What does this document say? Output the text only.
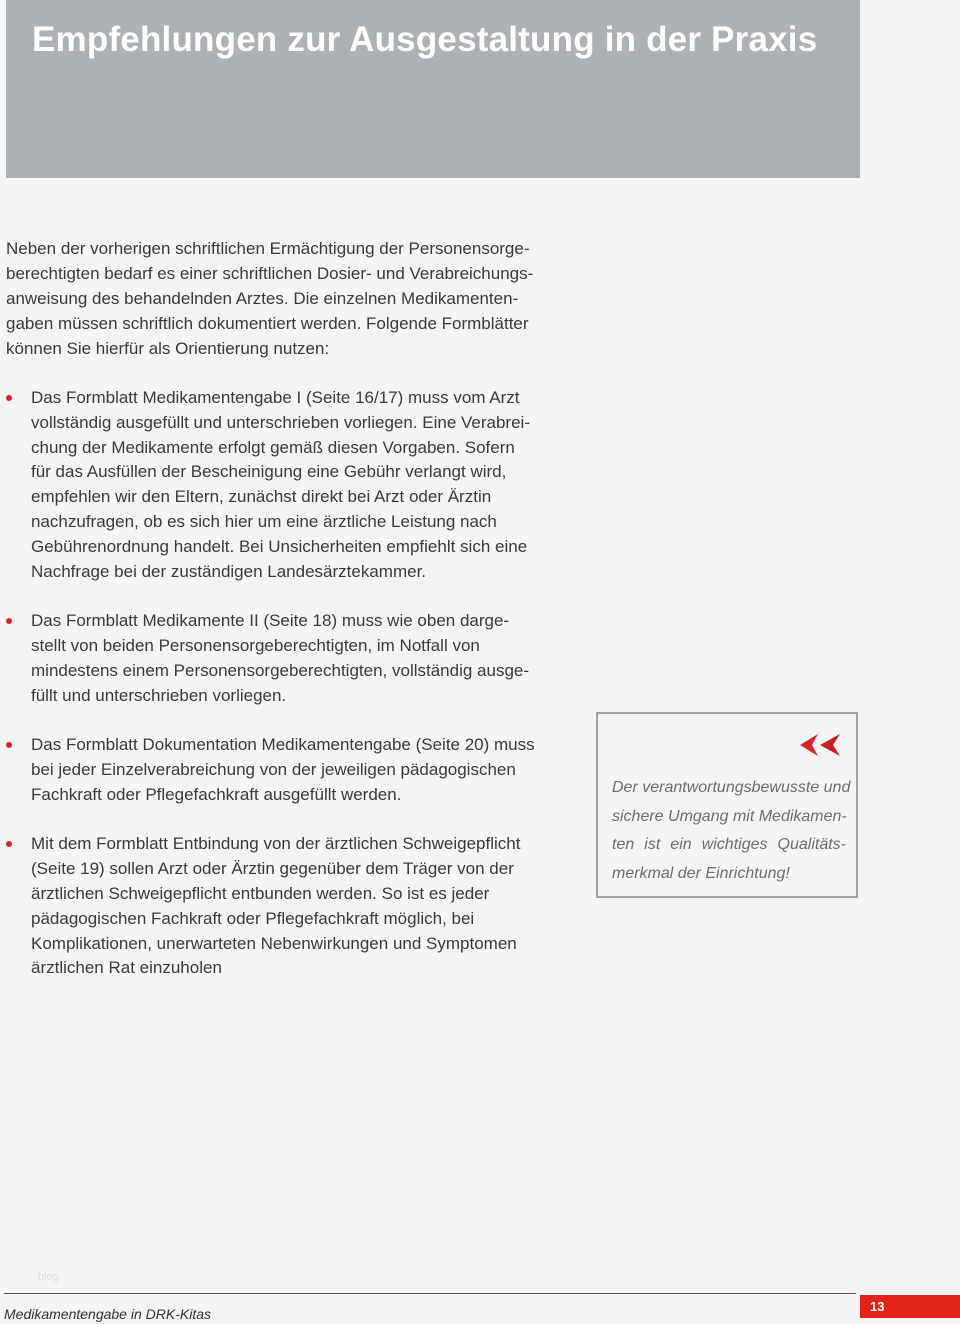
Empfehlungen zur Ausgestaltung in der Praxis
Neben der vorherigen schriftlichen Ermächtigung der Personensorge-
berechtigten bedarf es einer schriftlichen Dosier- und Verabreichungs-
anweisung des behandelnden Arztes. Die einzelnen Medikamenten-
gaben müssen schriftlich dokumentiert werden. Folgende Formblätter
können Sie hierfür als Orientierung nutzen:
Das Formblatt Medikamentengabe I (Seite 16/17) muss vom Arzt
vollständig ausgefüllt und unterschrieben vorliegen. Eine Verabrei-
chung der Medikamente erfolgt gemäß diesen Vorgaben. Sofern
für das Ausfüllen der Bescheinigung eine Gebühr verlangt wird,
empfehlen wir den Eltern, zunächst direkt bei Arzt oder Ärztin
nachzufragen, ob es sich hier um eine ärztliche Leistung nach
Gebührenordnung handelt. Bei Unsicherheiten empfiehlt sich eine
Nachfrage bei der zuständigen Landesärztekammer.
Das Formblatt Medikamente II (Seite 18) muss wie oben darge-
stellt von beiden Personensorgeberechtigten, im Notfall von
mindestens einem Personensorgeberechtigten, vollständig ausge-
füllt und unterschrieben vorliegen.
Das Formblatt Dokumentation Medikamentengabe (Seite 20) muss
bei jeder Einzelverabreichung von der jeweiligen pädagogischen
Fachkraft oder Pflegefachkraft ausgefüllt werden.
Mit dem Formblatt Entbindung von der ärztlichen Schweigepflicht
(Seite 19) sollen Arzt oder Ärztin gegenüber dem Träger von der
ärztlichen Schweigepflicht entbunden werden. So ist es jeder
pädagogischen Fachkraft oder Pflegefachkraft möglich, bei
Komplikationen, unerwarteten Nebenwirkungen und Symptomen
ärztlichen Rat einzuholen
Der verantwortungsbewusste und
sichere Umgang mit Medikamen-
ten ist ein wichtiges Qualitäts-
merkmal der Einrichtung!
blog
Medikamentengabe in DRK-Kitas	13
